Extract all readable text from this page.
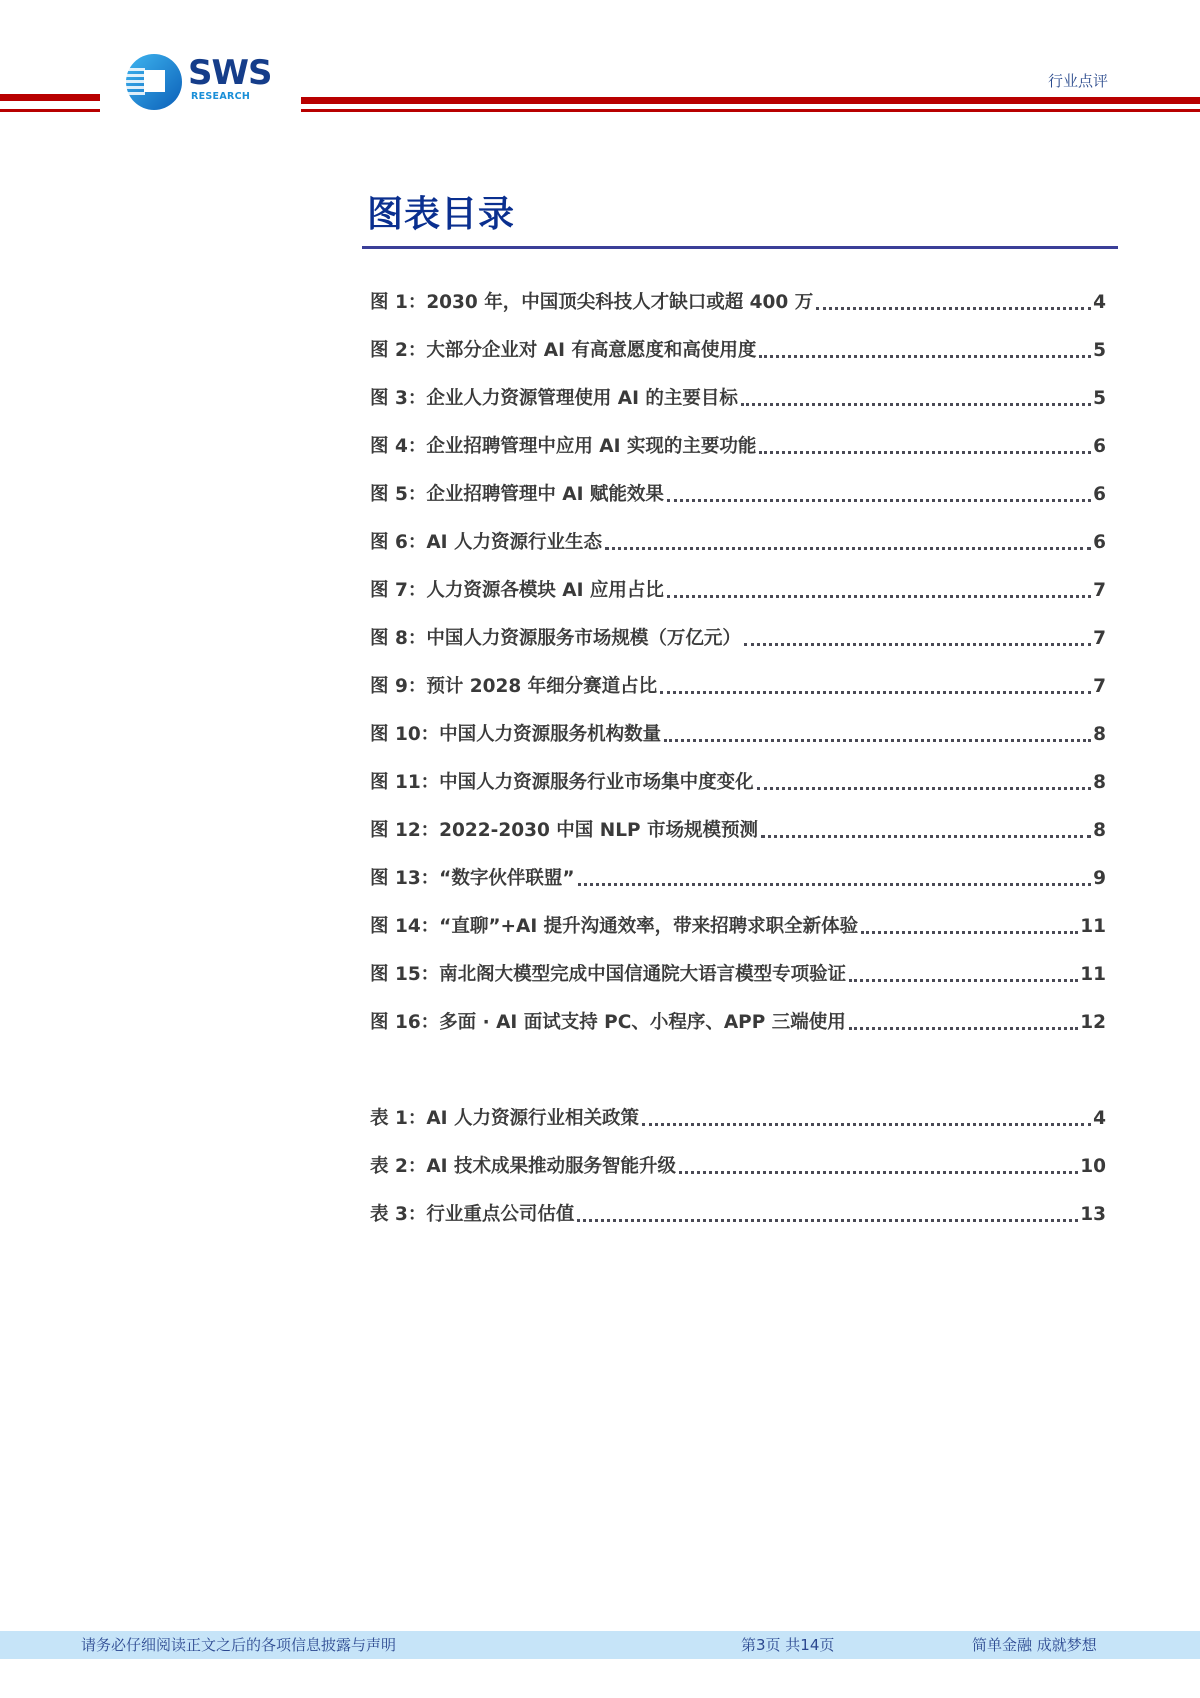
SWS
RESEARCH
行业点评
图表目录
图 1：2030 年，中国顶尖科技人才缺口或超 400 万	4
图 2：大部分企业对 AI 有高意愿度和高使用度	5
图 3：企业人力资源管理使用 AI 的主要目标	5
图 4：企业招聘管理中应用 AI 实现的主要功能	6
图 5：企业招聘管理中 AI 赋能效果	6
图 6：AI 人力资源行业生态	6
图 7：人力资源各模块 AI 应用占比	7
图 8：中国人力资源服务市场规模（万亿元）	7
图 9：预计 2028 年细分赛道占比	7
图 10：中国人力资源服务机构数量	8
图 11：中国人力资源服务行业市场集中度变化	8
图 12：2022-2030 中国 NLP 市场规模预测	8
图 13：“数字伙伴联盟”	9
图 14：“直聊”+AI 提升沟通效率，带来招聘求职全新体验	11
图 15：南北阁大模型完成中国信通院大语言模型专项验证	11
图 16：多面 · AI 面试支持 PC、小程序、APP 三端使用	12
表 1：AI 人力资源行业相关政策	4
表 2：AI 技术成果推动服务智能升级	10
表 3：行业重点公司估值	13
请务必仔细阅读正文之后的各项信息披露与声明	第3页 共14页	简单金融 成就梦想
